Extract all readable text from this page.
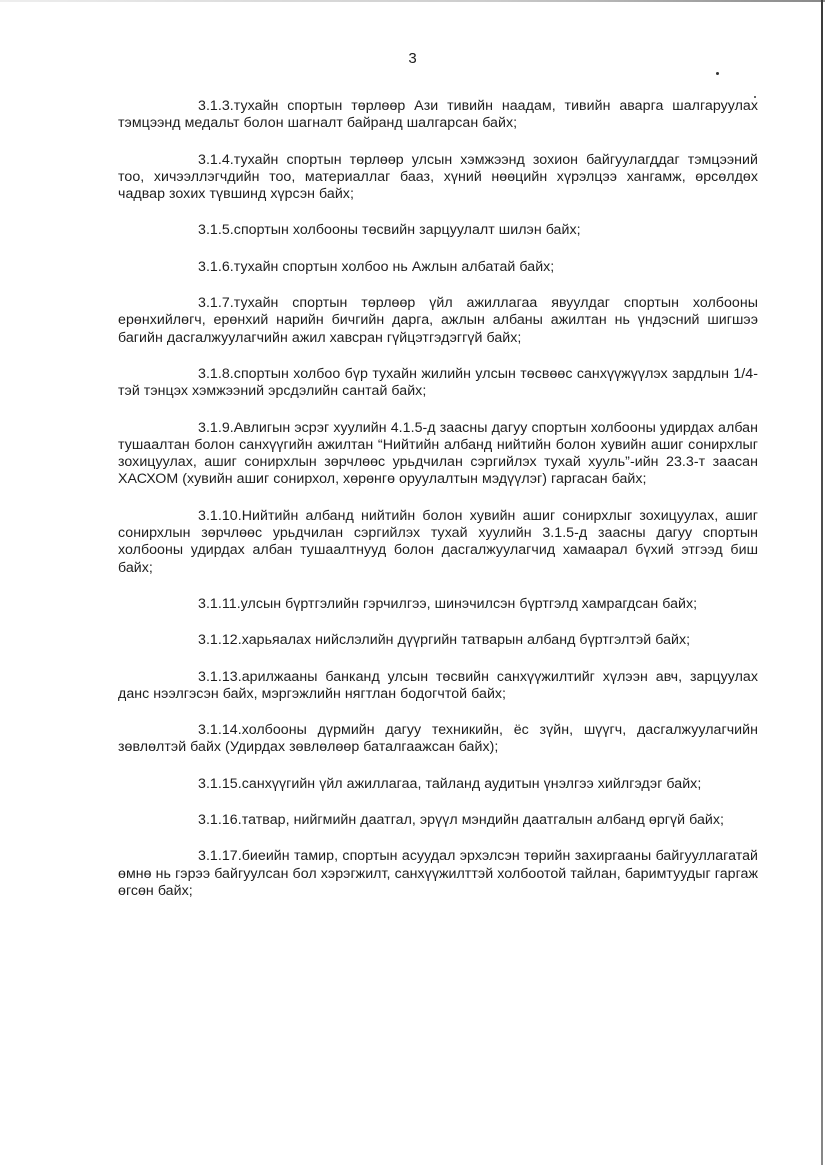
3

3.1.3.тухайн спортын төрлөөр Ази тивийн наадам, тивийн аварга шалгаруулах тэмцээнд медальт болон шагналт байранд шалгарсан байх;

3.1.4.тухайн спортын төрлөөр улсын хэмжээнд зохион байгуулагддаг тэмцээний тоо, хичээллэгчдийн тоо, материаллаг бааз, хүний нөөцийн хүрэлцээ хангамж, өрсөлдөх чадвар зохих түвшинд хүрсэн байх;

3.1.5.спортын холбооны төсвийн зарцуулалт шилэн байх;

3.1.6.тухайн спортын холбоо нь Ажлын албатай байх;

3.1.7.тухайн спортын төрлөөр үйл ажиллагаа явуулдаг спортын холбооны ерөнхийлөгч, ерөнхий нарийн бичгийн дарга, ажлын албаны ажилтан нь үндэсний шигшээ багийн дасгалжуулагчийн ажил хавсран гүйцэтгэдэггүй байх;

3.1.8.спортын холбоо бүр тухайн жилийн улсын төсвөөс санхүүжүүлэх зардлын 1/4-тэй тэнцэх хэмжээний эрсдэлийн сантай байх;

3.1.9.Авлигын эсрэг хуулийн 4.1.5-д заасны дагуу спортын холбооны удирдах албан тушаалтан болон санхүүгийн ажилтан “Нийтийн албанд нийтийн болон хувийн ашиг сонирхлыг зохицуулах, ашиг сонирхлын зөрчлөөс урьдчилан сэргийлэх тухай хууль”-ийн 23.3-т заасан ХАСХОМ (хувийн ашиг сонирхол, хөрөнгө оруулалтын мэдүүлэг) гаргасан байх;

3.1.10.Нийтийн албанд нийтийн болон хувийн ашиг сонирхлыг зохицуулах, ашиг сонирхлын зөрчлөөс урьдчилан сэргийлэх тухай хуулийн 3.1.5-д заасны дагуу спортын холбооны удирдах албан тушаалтнууд болон дасгалжуулагчид хамаарал бүхий этгээд биш байх;

3.1.11.улсын бүртгэлийн гэрчилгээ, шинэчилсэн бүртгэлд хамрагдсан байх;

3.1.12.харьяалах нийслэлийн дүүргийн татварын албанд бүртгэлтэй байх;

3.1.13.арилжааны банканд улсын төсвийн санхүүжилтийг хүлээн авч, зарцуулах данс нээлгэсэн байх, мэргэжлийн нягтлан бодогчтой байх;

3.1.14.холбооны дүрмийн дагуу техникийн, ёс зүйн, шүүгч, дасгалжуулагчийн зөвлөлтэй байх (Удирдах зөвлөлөөр баталгаажсан байх);

3.1.15.санхүүгийн үйл ажиллагаа, тайланд аудитын үнэлгээ хийлгэдэг байх;

3.1.16.татвар, нийгмийн даатгал, эрүүл мэндийн даатгалын албанд өргүй байх;

3.1.17.биеийн тамир, спортын асуудал эрхэлсэн төрийн захиргааны байгууллагатай өмнө нь гэрээ байгуулсан бол хэрэгжилт, санхүүжилттэй холбоотой тайлан, баримтуудыг гаргаж өгсөн байх;
